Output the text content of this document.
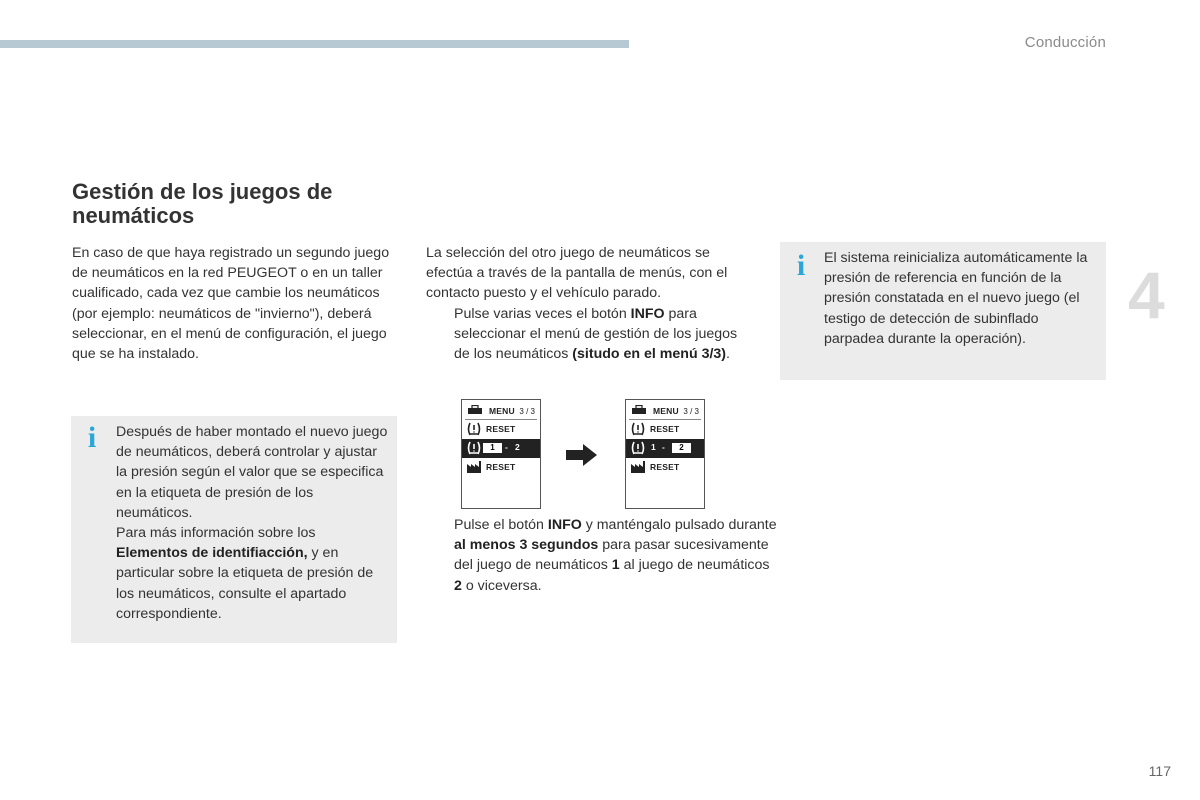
Conducción
4
Gestión de los juegos de neumáticos

En caso de que haya registrado un segundo juego de neumáticos en la red PEUGEOT o en un taller cualificado, cada vez que cambie los neumáticos (por ejemplo: neumáticos de "invierno"), deberá seleccionar, en el menú de configuración, el juego que se ha instalado.

i Después de haber montado el nuevo juego de neumáticos, deberá controlar y ajustar la presión según el valor que se especifica en la etiqueta de presión de los neumáticos.
Para más información sobre los Elementos de identifiacción, y en particular sobre la etiqueta de presión de los neumáticos, consulte el apartado correspondiente.

La selección del otro juego de neumáticos se efectúa a través de la pantalla de menús, con el contacto puesto y el vehículo parado.

Pulse varias veces el botón INFO para seleccionar el menú de gestión de los juegos de los neumáticos (situdo en el menú 3/3).

MENU 3 / 3
RESET
1	- 2
RESET
MENU 3 / 3
RESET
1 -	2
RESET

Pulse el botón INFO y manténgalo pulsado durante al menos 3 segundos para pasar sucesivamente del juego de neumáticos 1 al juego de neumáticos 2 o viceversa.

i El sistema reinicializa automáticamente la presión de referencia en función de la presión constatada en el nuevo juego (el testigo de detección de subinflado parpadea durante la operación).

117
